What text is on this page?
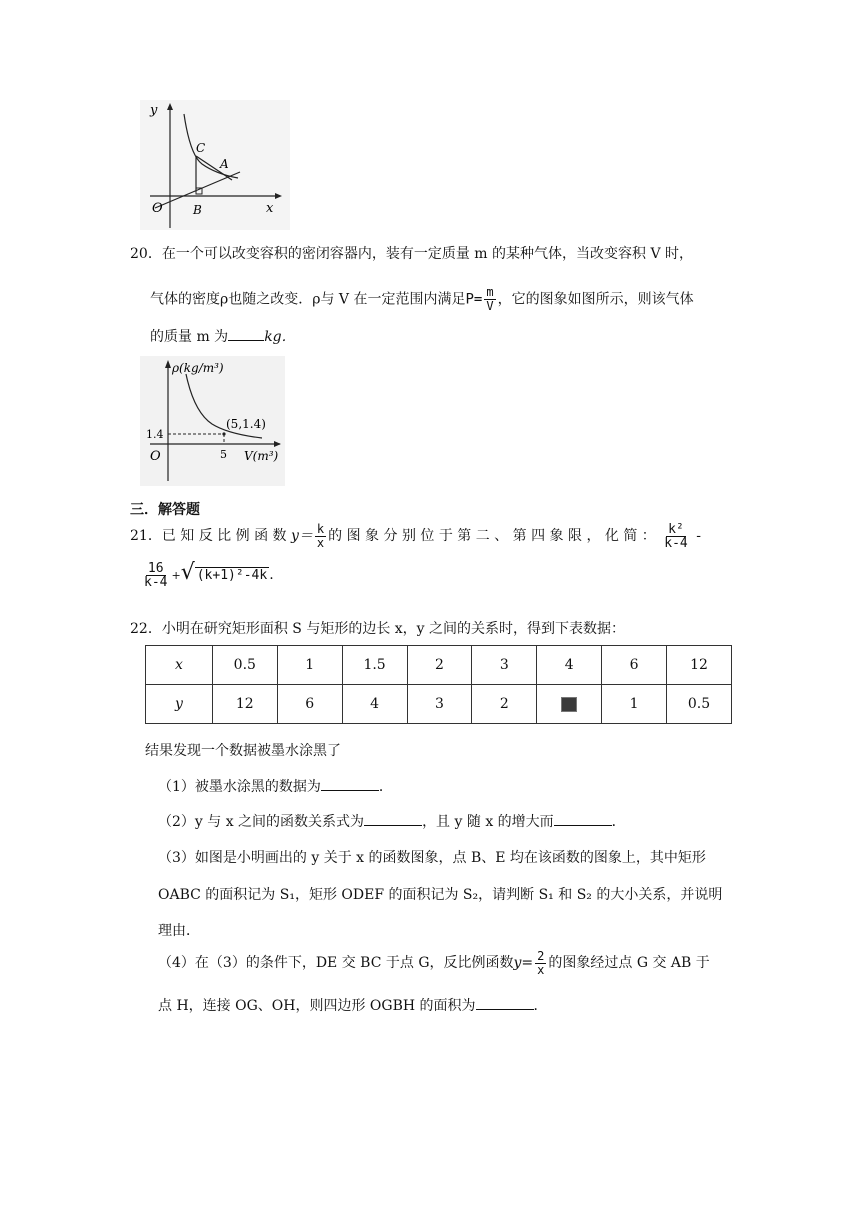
y
x
O
C
A
B
20．在一个可以改变容积的密闭容器内，装有一定质量 m 的某种气体，当改变容积 V 时，
气体的密度ρ也随之改变．ρ与 V 在一定范围内满足$P= \frac{m}{V}$ ，它的图象如图所示，则该气体
的质量 m 为	kg．
ρ(kg/m³)
V(m³)
O
1.4
5
(5,1.4)
三．解答题
21．已 知 反 比 例 函 数 $y= \frac{k}{x}$ 的 图 象 分 别 位 于 第 二 、 第 四 象 限 ， 化 简 ： $\frac{\text{k²}}{k-4}$ -
$\frac{16}{k-4}$ +√ (k+1)²-4k .
22．小明在研究矩形面积 S 与矩形的边长 x，y 之间的关系时，得到下表数据：
x	0.5	1	1.5	2	3	4	6	12
y	12	6	4	3	2		1	0.5
结果发现一个数据被墨水涂黑了
（1）被墨水涂黑的数据为	．
（2）y 与 x 之间的函数关系式为	，且 y 随 x 的增大而	．
（3）如图是小明画出的 y 关于 x 的函数图象，点 B、E 均在该函数的图象上，其中矩形
OABC 的面积记为 S₁，矩形 ODEF 的面积记为 S₂，请判断 S₁ 和 S₂ 的大小关系，并说明
理由．
（4）在（3）的条件下，DE 交 BC 于点 G，反比例函数$y= \frac{2}{x}$ 的图象经过点 G 交 AB 于
点 H，连接 OG、OH，则四边形 OGBH 的面积为	．
